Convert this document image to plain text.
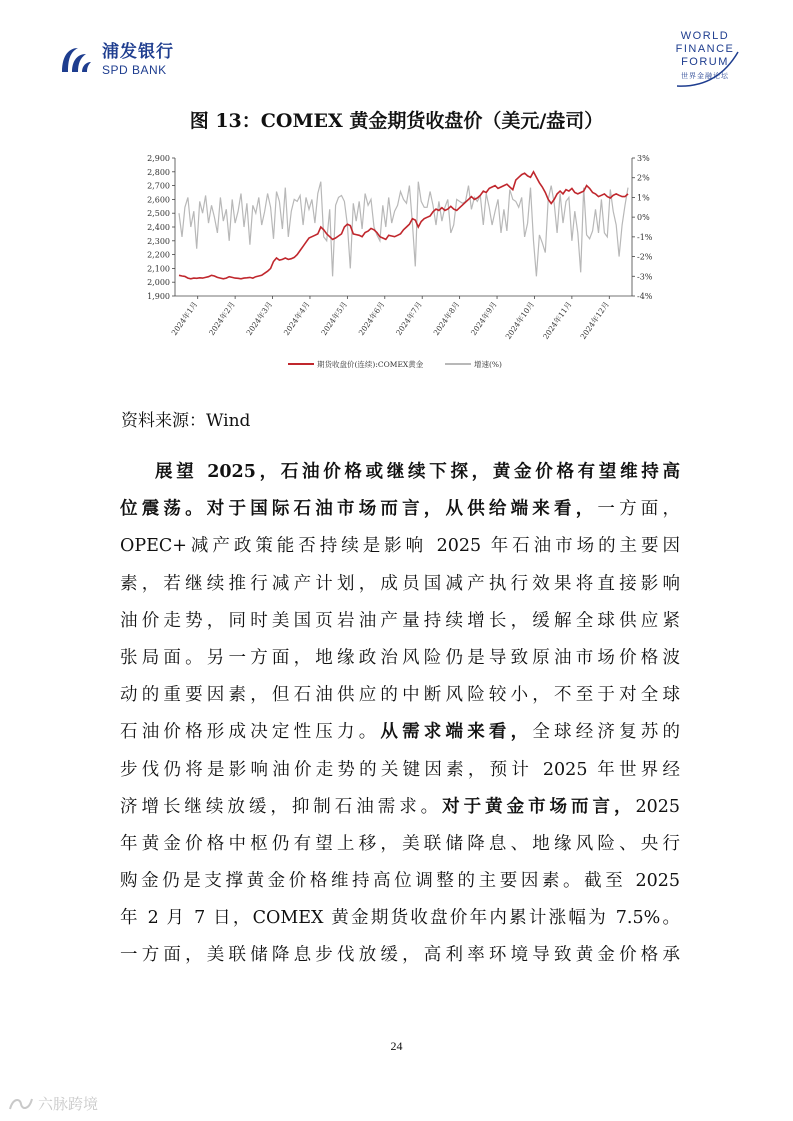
浦发银行
SPD BANK
WORLD
FINANCE
FORUM
世界金融论坛
图 13：COMEX 黄金期货收盘价（美元/盎司）
1,900
2,000
2,100
2,200
2,300
2,400
2,500
2,600
2,700
2,800
2,900
-4%
-3%
-2%
-1%
0%
1%
2%
3%
2024年1月 2024年2月 2024年3月 2024年4月 2024年5月 2024年6月 2024年7月 2024年8月 2024年9月 2024年10月 2024年11月 2024年12月
期货收盘价(连续):COMEX黄金	增速(%)
资料来源：Wind
展望 2025，石油价格或继续下探，黄金价格有望维持高
位震荡。对于国际石油市场而言，从供给端来看，一方面，
OPEC+减产政策能否持续是影响 2025 年石油市场的主要因
素，若继续推行减产计划，成员国减产执行效果将直接影响
油价走势，同时美国页岩油产量持续增长，缓解全球供应紧
张局面。另一方面，地缘政治风险仍是导致原油市场价格波
动的重要因素，但石油供应的中断风险较小，不至于对全球
石油价格形成决定性压力。从需求端来看，全球经济复苏的
步伐仍将是影响油价走势的关键因素，预计 2025 年世界经
济增长继续放缓，抑制石油需求。对于黄金市场而言，2025
年黄金价格中枢仍有望上移，美联储降息、地缘风险、央行
购金仍是支撑黄金价格维持高位调整的主要因素。截至 2025
年 2 月 7 日，COMEX 黄金期货收盘价年内累计涨幅为 7.5%。
一方面，美联储降息步伐放缓，高利率环境导致黄金价格承
24
六脉跨境
